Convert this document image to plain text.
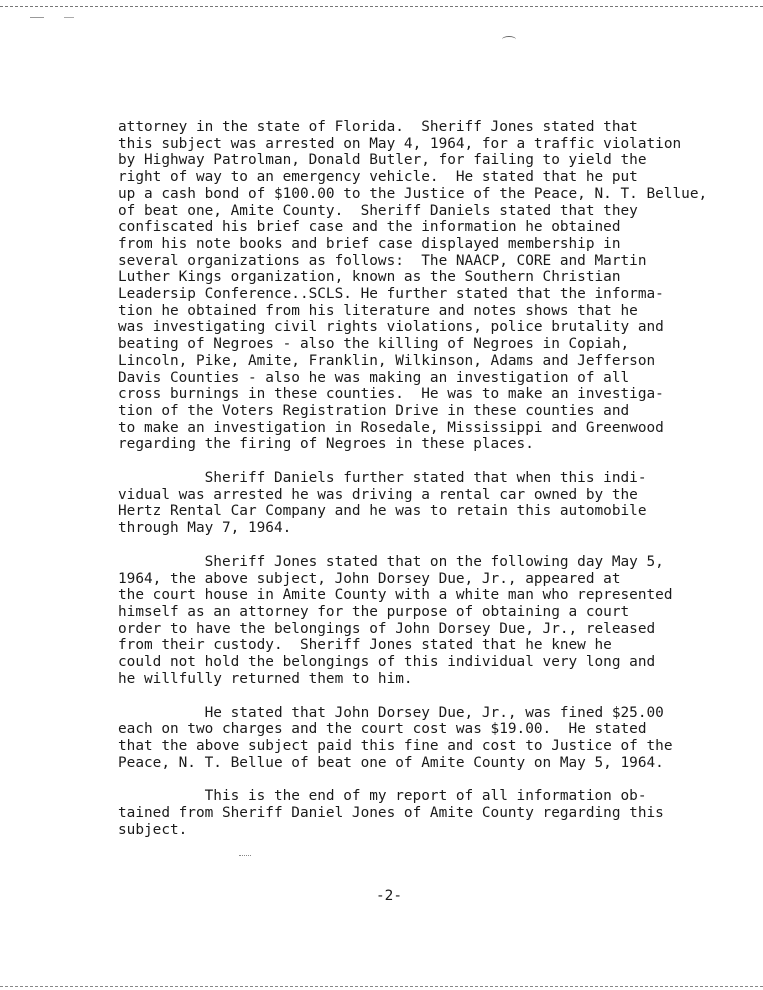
attorney in the state of Florida.  Sheriff Jones stated that
this subject was arrested on May 4, 1964, for a traffic violation
by Highway Patrolman, Donald Butler, for failing to yield the
right of way to an emergency vehicle.  He stated that he put
up a cash bond of $100.00 to the Justice of the Peace, N. T. Bellue,
of beat one, Amite County.  Sheriff Daniels stated that they
confiscated his brief case and the information he obtained
from his note books and brief case displayed membership in
several organizations as follows:  The NAACP, CORE and Martin
Luther Kings organization, known as the Southern Christian
Leadersip Conference..SCLS. He further stated that the informa-
tion he obtained from his literature and notes shows that he
was investigating civil rights violations, police brutality and
beating of Negroes - also the killing of Negroes in Copiah,
Lincoln, Pike, Amite, Franklin, Wilkinson, Adams and Jefferson
Davis Counties - also he was making an investigation of all
cross burnings in these counties.  He was to make an investiga-
tion of the Voters Registration Drive in these counties and
to make an investigation in Rosedale, Mississippi and Greenwood
regarding the firing of Negroes in these places.

Sheriff Daniels further stated that when this indi-
vidual was arrested he was driving a rental car owned by the
Hertz Rental Car Company and he was to retain this automobile
through May 7, 1964.

Sheriff Jones stated that on the following day May 5,
1964, the above subject, John Dorsey Due, Jr., appeared at
the court house in Amite County with a white man who represented
himself as an attorney for the purpose of obtaining a court
order to have the belongings of John Dorsey Due, Jr., released
from their custody.  Sheriff Jones stated that he knew he
could not hold the belongings of this individual very long and
he willfully returned them to him.

He stated that John Dorsey Due, Jr., was fined $25.00
each on two charges and the court cost was $19.00.  He stated
that the above subject paid this fine and cost to Justice of the
Peace, N. T. Bellue of beat one of Amite County on May 5, 1964.

This is the end of my report of all information ob-
tained from Sheriff Daniel Jones of Amite County regarding this
subject.

-2-
